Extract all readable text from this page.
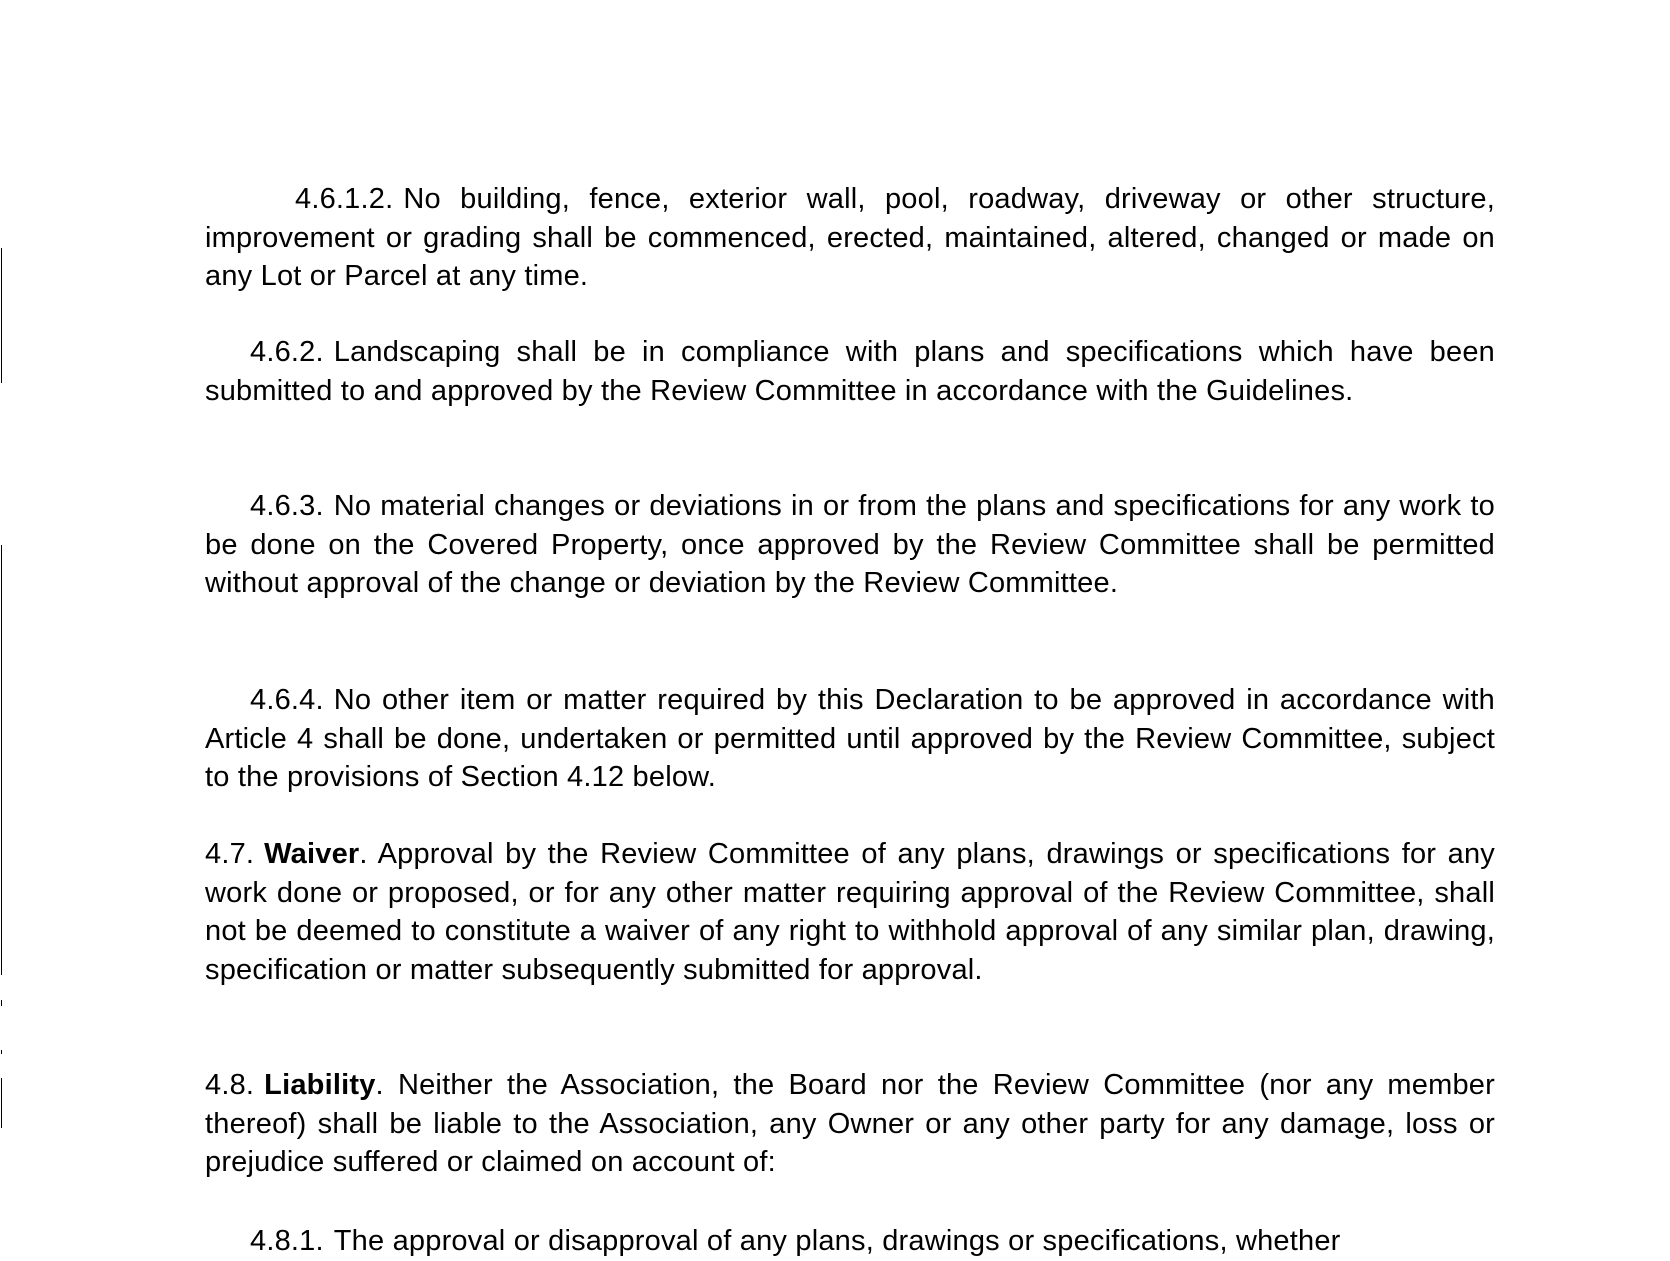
4.6.1.2. No building, fence, exterior wall, pool, roadway, driveway or other structure, improvement or grading shall be commenced, erected, maintained, altered, changed or made on any Lot or Parcel at any time.

4.6.2. Landscaping shall be in compliance with plans and specifications which have been submitted to and approved by the Review Committee in accordance with the Guidelines.

4.6.3. No material changes or deviations in or from the plans and specifications for any work to be done on the Covered Property, once approved by the Review Committee shall be permitted without approval of the change or deviation by the Review Committee.

4.6.4. No other item or matter required by this Declaration to be approved in accordance with Article 4 shall be done, undertaken or permitted until approved by the Review Committee, subject to the provisions of Section 4.12 below.

4.7. Waiver. Approval by the Review Committee of any plans, drawings or specifications for any work done or proposed, or for any other matter requiring approval of the Review Committee, shall not be deemed to constitute a waiver of any right to withhold approval of any similar plan, drawing, specification or matter subsequently submitted for approval.

4.8. Liability. Neither the Association, the Board nor the Review Committee (nor any member thereof) shall be liable to the Association, any Owner or any other party for any damage, loss or prejudice suffered or claimed on account of:

4.8.1. The approval or disapproval of any plans, drawings or specifications, whether
